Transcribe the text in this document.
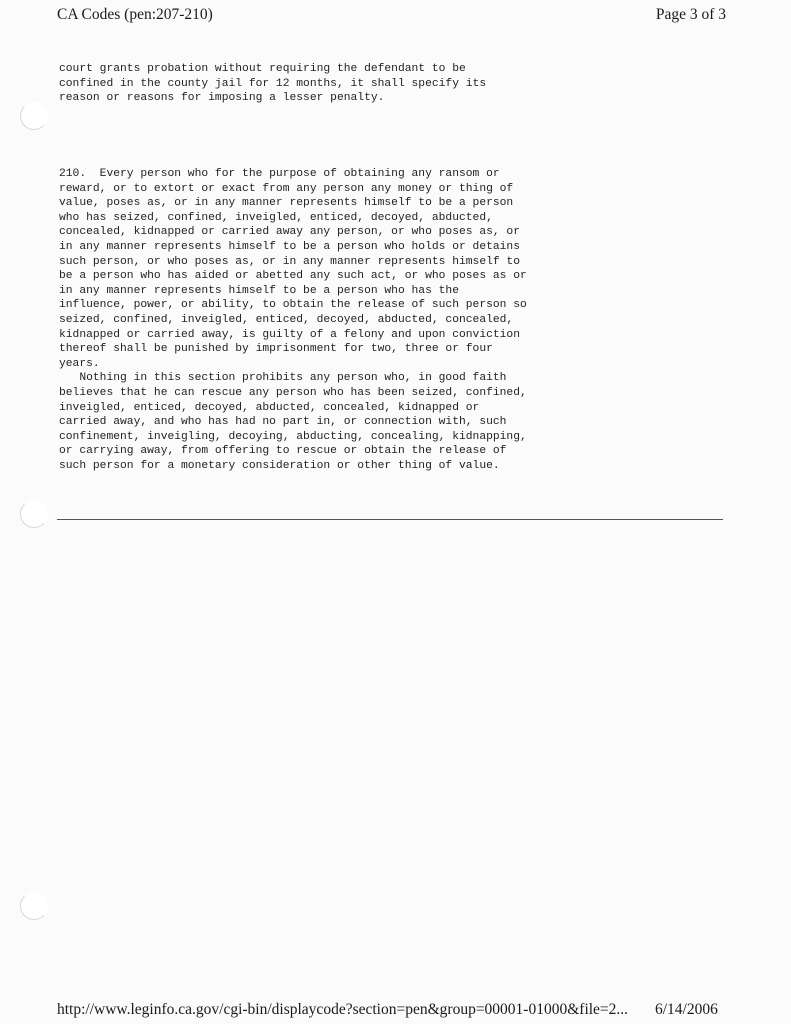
CA Codes (pen:207-210)	Page 3 of 3
court grants probation without requiring the defendant to be
confined in the county jail for 12 months, it shall specify its
reason or reasons for imposing a lesser penalty.
210.  Every person who for the purpose of obtaining any ransom or
reward, or to extort or exact from any person any money or thing of
value, poses as, or in any manner represents himself to be a person
who has seized, confined, inveigled, enticed, decoyed, abducted,
concealed, kidnapped or carried away any person, or who poses as, or
in any manner represents himself to be a person who holds or detains
such person, or who poses as, or in any manner represents himself to
be a person who has aided or abetted any such act, or who poses as or
in any manner represents himself to be a person who has the
influence, power, or ability, to obtain the release of such person so
seized, confined, inveigled, enticed, decoyed, abducted, concealed,
kidnapped or carried away, is guilty of a felony and upon conviction
thereof shall be punished by imprisonment for two, three or four
years.
Nothing in this section prohibits any person who, in good faith
believes that he can rescue any person who has been seized, confined,
inveigled, enticed, decoyed, abducted, concealed, kidnapped or
carried away, and who has had no part in, or connection with, such
confinement, inveigling, decoying, abducting, concealing, kidnapping,
or carrying away, from offering to rescue or obtain the release of
such person for a monetary consideration or other thing of value.
http://www.leginfo.ca.gov/cgi-bin/displaycode?section=pen&group=00001-01000&file=2... 6/14/2006
